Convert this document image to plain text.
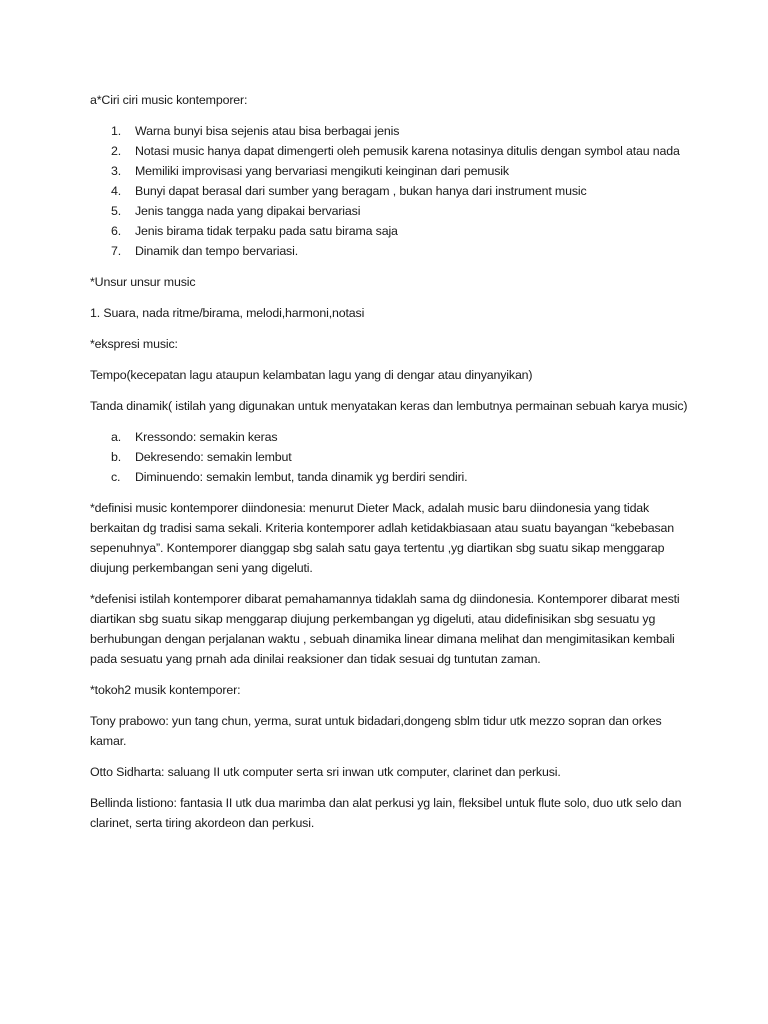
a*Ciri ciri music kontemporer:

1. Warna bunyi bisa sejenis atau bisa berbagai jenis
2. Notasi music hanya dapat dimengerti oleh pemusik karena notasinya ditulis dengan symbol atau nada
3. Memiliki improvisasi yang bervariasi mengikuti keinginan dari pemusik
4. Bunyi dapat berasal dari sumber yang beragam , bukan hanya dari instrument music
5. Jenis tangga nada yang dipakai bervariasi
6. Jenis birama tidak terpaku pada satu birama saja
7. Dinamik dan tempo bervariasi.

*Unsur unsur music

1. Suara, nada ritme/birama, melodi,harmoni,notasi

*ekspresi music:

Tempo(kecepatan lagu ataupun kelambatan lagu yang di dengar atau dinyanyikan)

Tanda dinamik( istilah yang digunakan untuk menyatakan keras dan lembutnya permainan sebuah karya music)

a. Kressondo: semakin keras
b. Dekresendo: semakin lembut
c. Diminuendo: semakin lembut, tanda dinamik yg berdiri sendiri.

*definisi music kontemporer diindonesia: menurut Dieter Mack, adalah music baru diindonesia yang tidak berkaitan dg tradisi sama sekali. Kriteria kontemporer adlah ketidakbiasaan atau suatu bayangan “kebebasan sepenuhnya”. Kontemporer dianggap sbg salah satu gaya tertentu ,yg diartikan sbg suatu sikap menggarap diujung perkembangan seni yang digeluti.

*defenisi istilah kontemporer dibarat pemahamannya tidaklah sama dg diindonesia. Kontemporer dibarat mesti diartikan sbg suatu sikap menggarap diujung perkembangan yg digeluti, atau didefinisikan sbg sesuatu yg berhubungan dengan perjalanan waktu , sebuah dinamika linear dimana melihat dan mengimitasikan kembali pada sesuatu yang prnah ada dinilai reaksioner dan tidak sesuai dg tuntutan zaman.

*tokoh2 musik kontemporer:

Tony prabowo: yun tang chun, yerma, surat untuk bidadari,dongeng sblm tidur utk mezzo sopran dan orkes kamar.

Otto Sidharta: saluang II utk computer serta sri inwan utk computer, clarinet dan perkusi.

Bellinda listiono: fantasia II utk dua marimba dan alat perkusi yg lain, fleksibel untuk flute solo, duo utk selo dan clarinet, serta tiring akordeon dan perkusi.
